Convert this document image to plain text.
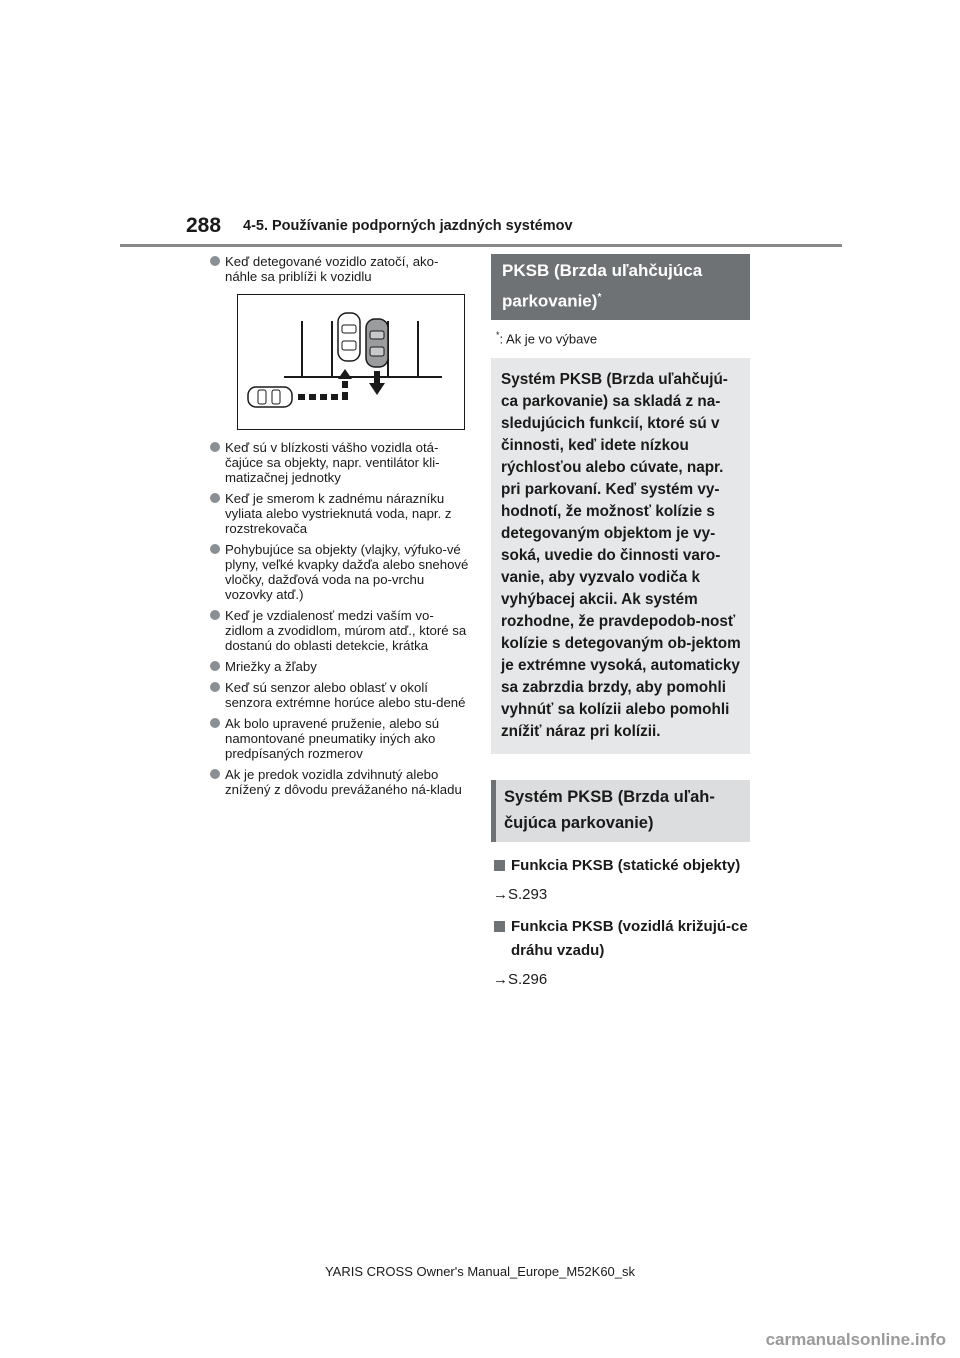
288 4-5. Používanie podporných jazdných systémov
Keď detegované vozidlo zatočí, ako-náhle sa priblíži k vozidlu
Keď sú v blízkosti vášho vozidla otá-čajúce sa objekty, napr. ventilátor kli-matizačnej jednotky
Keď je smerom k zadnému nárazníku vyliata alebo vystrieknutá voda, napr. z rozstrekovača
Pohybujúce sa objekty (vlajky, výfuko-vé plyny, veľké kvapky dažďa alebo snehové vločky, dažďová voda na po-vrchu vozovky atď.)
Keď je vzdialenosť medzi vaším vo-zidlom a zvodidlom, múrom atď., ktoré sa dostanú do oblasti detekcie, krátka
Mriežky a žľaby
Keď sú senzor alebo oblasť v okolí senzora extrémne horúce alebo stu-dené
Ak bolo upravené pruženie, alebo sú namontované pneumatiky iných ako predpísaných rozmerov
Ak je predok vozidla zdvihnutý alebo znížený z dôvodu prevážaného ná-kladu
PKSB (Brzda uľahčujúca parkovanie)*
*: Ak je vo výbave
Systém PKSB (Brzda uľahčujú-ca parkovanie) sa skladá z na-sledujúcich funkcií, ktoré sú v činnosti, keď idete nízkou rýchlosťou alebo cúvate, napr. pri parkovaní. Keď systém vy-hodnotí, že možnosť kolízie s detegovaným objektom je vy-soká, uvedie do činnosti varo-vanie, aby vyzvalo vodiča k vyhýbacej akcii. Ak systém rozhodne, že pravdepodob-nosť kolízie s detegovaným ob-jektom je extrémne vysoká, automaticky sa zabrzdia brzdy, aby pomohli vyhnúť sa kolízii alebo pomohli znížiť náraz pri kolízii.
Systém PKSB (Brzda uľah-čujúca parkovanie)
Funkcia PKSB (statické objekty)
→S.293
Funkcia PKSB (vozidlá križujú-ce dráhu vzadu)
→S.296
YARIS CROSS Owner's Manual_Europe_M52K60_sk
carmanualsonline.info
